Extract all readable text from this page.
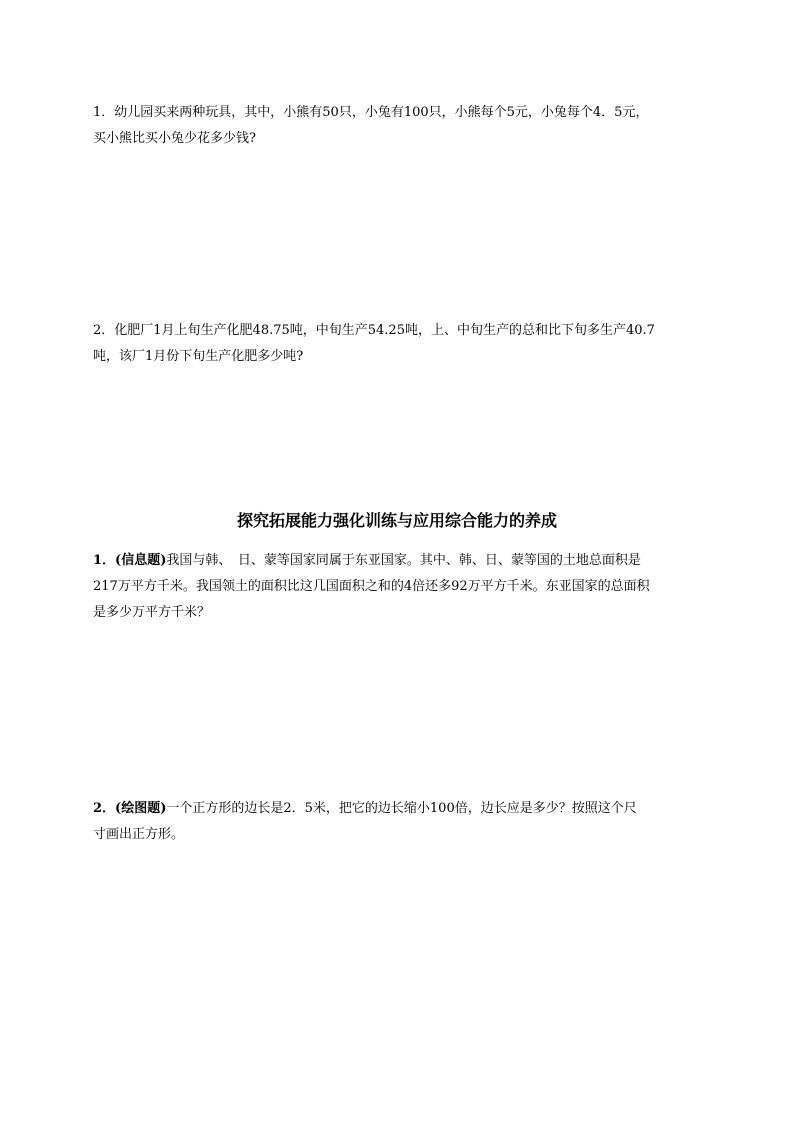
1．幼儿园买来两种玩具，其中，小熊有50只，小兔有100只，小熊每个5元，小兔每个4．5元，
买小熊比买小兔少花多少钱?
2．化肥厂1月上旬生产化肥48.75吨，中旬生产54.25吨，上、中旬生产的总和比下旬多生产40.7
吨，该厂1月份下旬生产化肥多少吨?
探究拓展能力强化训练与应用综合能力的养成
1．(信息题)我国与韩、　日、蒙等国家同属于东亚国家。其中、韩、日、蒙等国的土地总面积是
217万平方千米。我国领土的面积比这几国面积之和的4倍还多92万平方千米。东亚国家的总面积
是多少万平方千米？
2．(绘图题)一个正方形的边长是2．5米，把它的边长缩小100倍，边长应是多少？按照这个尺
寸画出正方形。
